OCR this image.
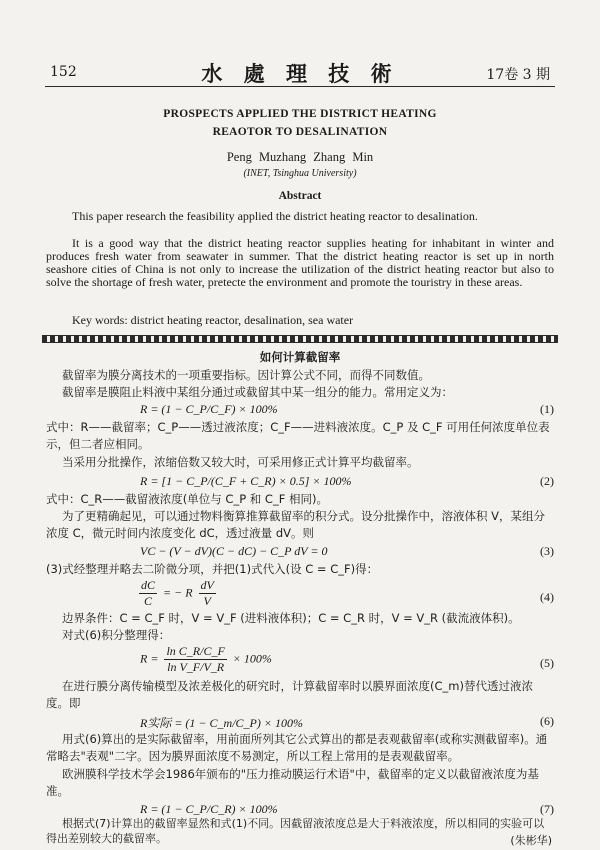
152	水 處 理 技 術	17卷 3 期
PROSPECTS APPLIED THE DISTRICT HEATING
REAOTOR TO DESALINATION
Peng Muzhang Zhang Min
(INET, Tsinghua University)
Abstract
This paper research the feasibility applied the district heating reactor to desalination.
It is a good way that the district heating reactor supplies heating for inhabitant in winter and produces fresh water from seawater in summer. That the district heating reactor is set up in north seashore cities of China is not only to increase the utilization of the district heating reactor but also to solve the shortage of fresh water, pretecte the environment and promote the touristry in these areas.
Key words: district heating reactor, desalination, sea water
如何计算截留率
截留率为膜分离技术的一项重要指标。因计算公式不同，而得不同数值。
截留率是膜阻止料液中某组分通过或截留其中某一组分的能力。常用定义为：
R = (1 − C_P/C_F) × 100%	(1)
式中：R——截留率；C_P——透过液浓度；C_F——进料液浓度。C_P 及 C_F 可用任何浓度单位表示，但二者应相同。
当采用分批操作，浓缩倍数又较大时，可采用修正式计算平均截留率。
R = [1 − C_P/(C_F + C_R) × 0.5] × 100%	(2)
式中：C_R——截留液浓度(单位与 C_P 和 C_F 相同)。
为了更精确起见，可以通过物料衡算推算截留率的积分式。设分批操作中，溶液体积 V，某组分浓度 C，微元时间内浓度变化 dC，透过液量 dV。则
VC − (V − dV)(C − dC) − C_P dV = 0	(3)
(3)式经整理并略去二阶微分项，并把(1)式代入(设 C = C_F)得：
$\frac{dC}{C}$ = − R $\frac{dV}{V}$	(4)
边界条件：C = C_F 时，V = V_F (进料液体积)；C = C_R 时，V = V_R (截流液体积)。
对式(6)积分整理得：
$R = \frac{\text{ln C\_R/C\_F}}{\text{ln V\_F/V\_R}} \times 100\%$	(5)
在进行膜分离传输模型及浓差极化的研究时，计算截留率时以膜界面浓度(C_m)替代透过液浓度。即
R实际 = (1 − C_m/C_P) × 100%	(6)
用式(6)算出的是实际截留率，用前面所列其它公式算出的都是表观截留率(或称实测截留率)。通常略去"表观"二字。因为膜界面浓度不易测定，所以工程上常用的是表观截留率。
欧洲膜科学技术学会1986年颁布的"压力推动膜运行术语"中，截留率的定义以截留液浓度为基准。
R = (1 − C_P/C_R) × 100%	(7)
根据式(7)计算出的截留率显然和式(1)不同。因截留液浓度总是大于料液浓度，所以相同的实验可以得出差别较大的截留率。	(朱彬华)
